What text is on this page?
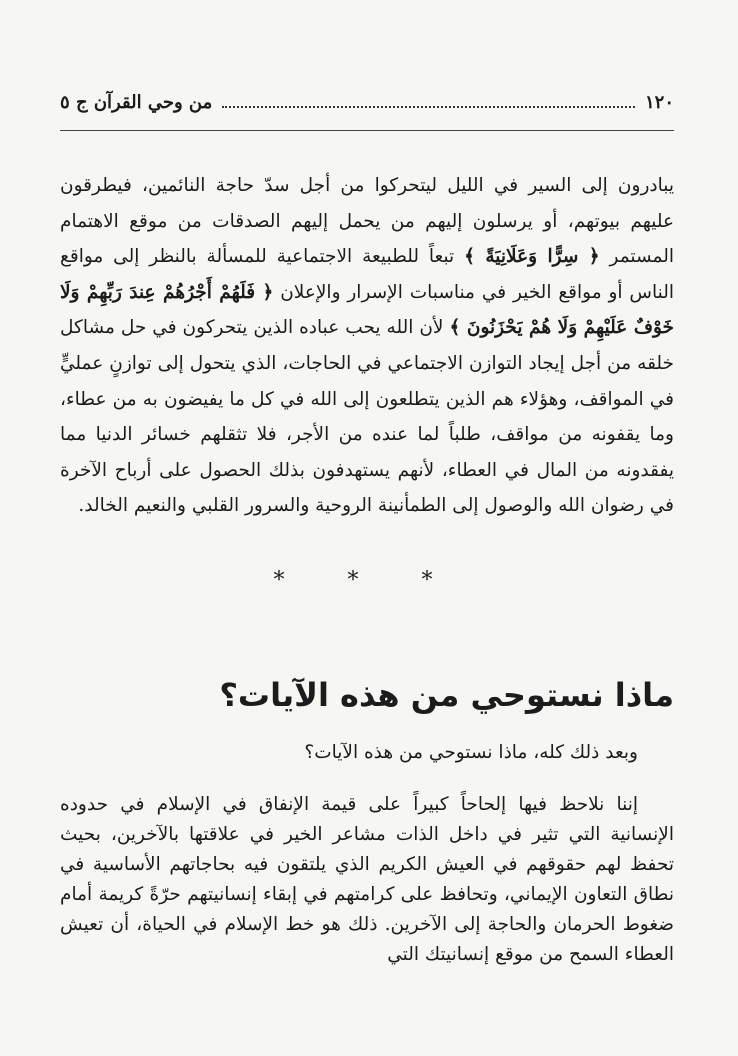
١٢٠
من وحي القرآن ج ٥

يبادرون إلى السير في الليل ليتحركوا من أجل سدّ حاجة النائمين، فيطرقون عليهم بيوتهم، أو يرسلون إليهم من يحمل إليهم الصدقات من موقع الاهتمام المستمر ﴿ سِرًّا وَعَلَانِيَةً ﴾ تبعاً للطبيعة الاجتماعية للمسألة بالنظر إلى مواقع الناس أو مواقع الخير في مناسبات الإسرار والإعلان ﴿ فَلَهُمْ أَجْرُهُمْ عِندَ رَبِّهِمْ وَلَا خَوْفٌ عَلَيْهِمْ وَلَا هُمْ يَحْزَنُونَ ﴾ لأن الله يحب عباده الذين يتحركون في حل مشاكل خلقه من أجل إيجاد التوازن الاجتماعي في الحاجات، الذي يتحول إلى توازنٍ عمليٍّ في المواقف، وهؤلاء هم الذين يتطلعون إلى الله في كل ما يفيضون به من عطاء، وما يقفونه من مواقف، طلباً لما عنده من الأجر، فلا تثقلهم خسائر الدنيا مما يفقدونه من المال في العطاء، لأنهم يستهدفون بذلك الحصول على أرباح الآخرة في رضوان الله والوصول إلى الطمأنينة الروحية والسرور القلبي والنعيم الخالد.

* * *
ماذا نستوحي من هذه الآيات؟
وبعد ذلك كله، ماذا نستوحي من هذه الآيات؟

إننا نلاحظ فيها إلحاحاً كبيراً على قيمة الإنفاق في الإسلام في حدوده الإنسانية التي تثير في داخل الذات مشاعر الخير في علاقتها بالآخرين، بحيث تحفظ لهم حقوقهم في العيش الكريم الذي يلتقون فيه بحاجاتهم الأساسية في نطاق التعاون الإيماني، وتحافظ على كرامتهم في إبقاء إنسانيتهم حرّةً كريمة أمام ضغوط الحرمان والحاجة إلى الآخرين. ذلك هو خط الإسلام في الحياة، أن تعيش العطاء السمح من موقع إنسانيتك التي
